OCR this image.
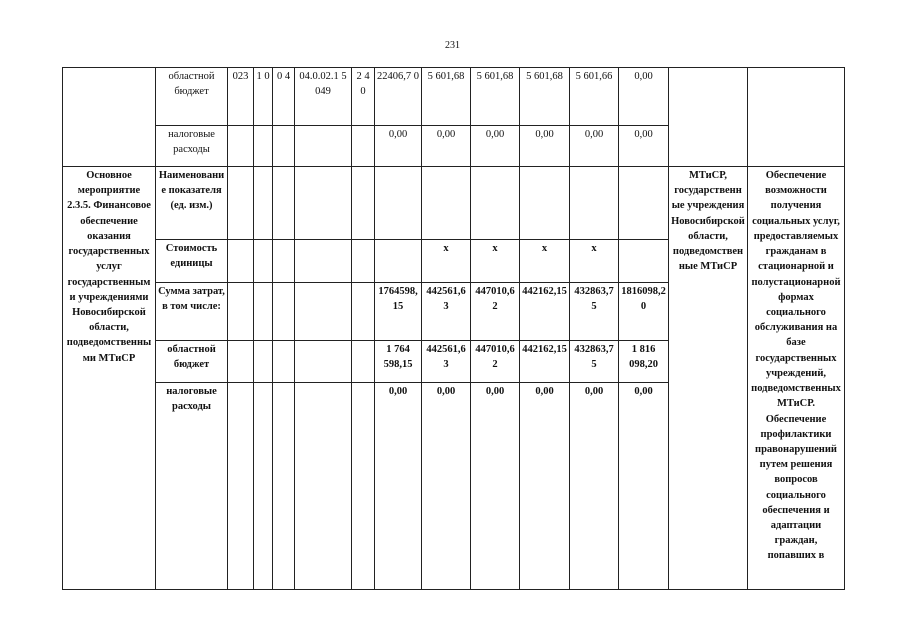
231
	областной бюджет	023	1 0	0 4	04.0.02.1 5049	2 4 0	22406,7 0	5 601,68	5 601,68	5 601,68	5 601,66	0,00		
	налоговые расходы						0,00	0,00	0,00	0,00	0,00	0,00		
Основное мероприятие 2.3.5. Финансовое обеспечение оказания государственных услуг государственными учреждениями Новосибирской области, подведомственными МТиСР	Наименование показателя (ед. изм.)												МТиСР, государственные учреждения Новосибирской области, подведомственные МТиСР	Обеспечение возможности получения социальных услуг, предоставляемых гражданам в стационарной и полустационарной формах социального обслуживания на базе государственных учреждений, подведомственных МТиСР. Обеспечение профилактики правонарушений путем решения вопросов социального обеспечения и адаптации граждан, попавших в
	Стоимость единицы							х	х	х	х			
	Сумма затрат, в том числе:						1764598,15	442561,63	447010,62	442162,15	432863,75	1816098,20		
	областной бюджет						1 764 598,15	442561,63	447010,62	442162,15	432863,75	1 816 098,20		
	налоговые расходы						0,00	0,00	0,00	0,00	0,00	0,00		
